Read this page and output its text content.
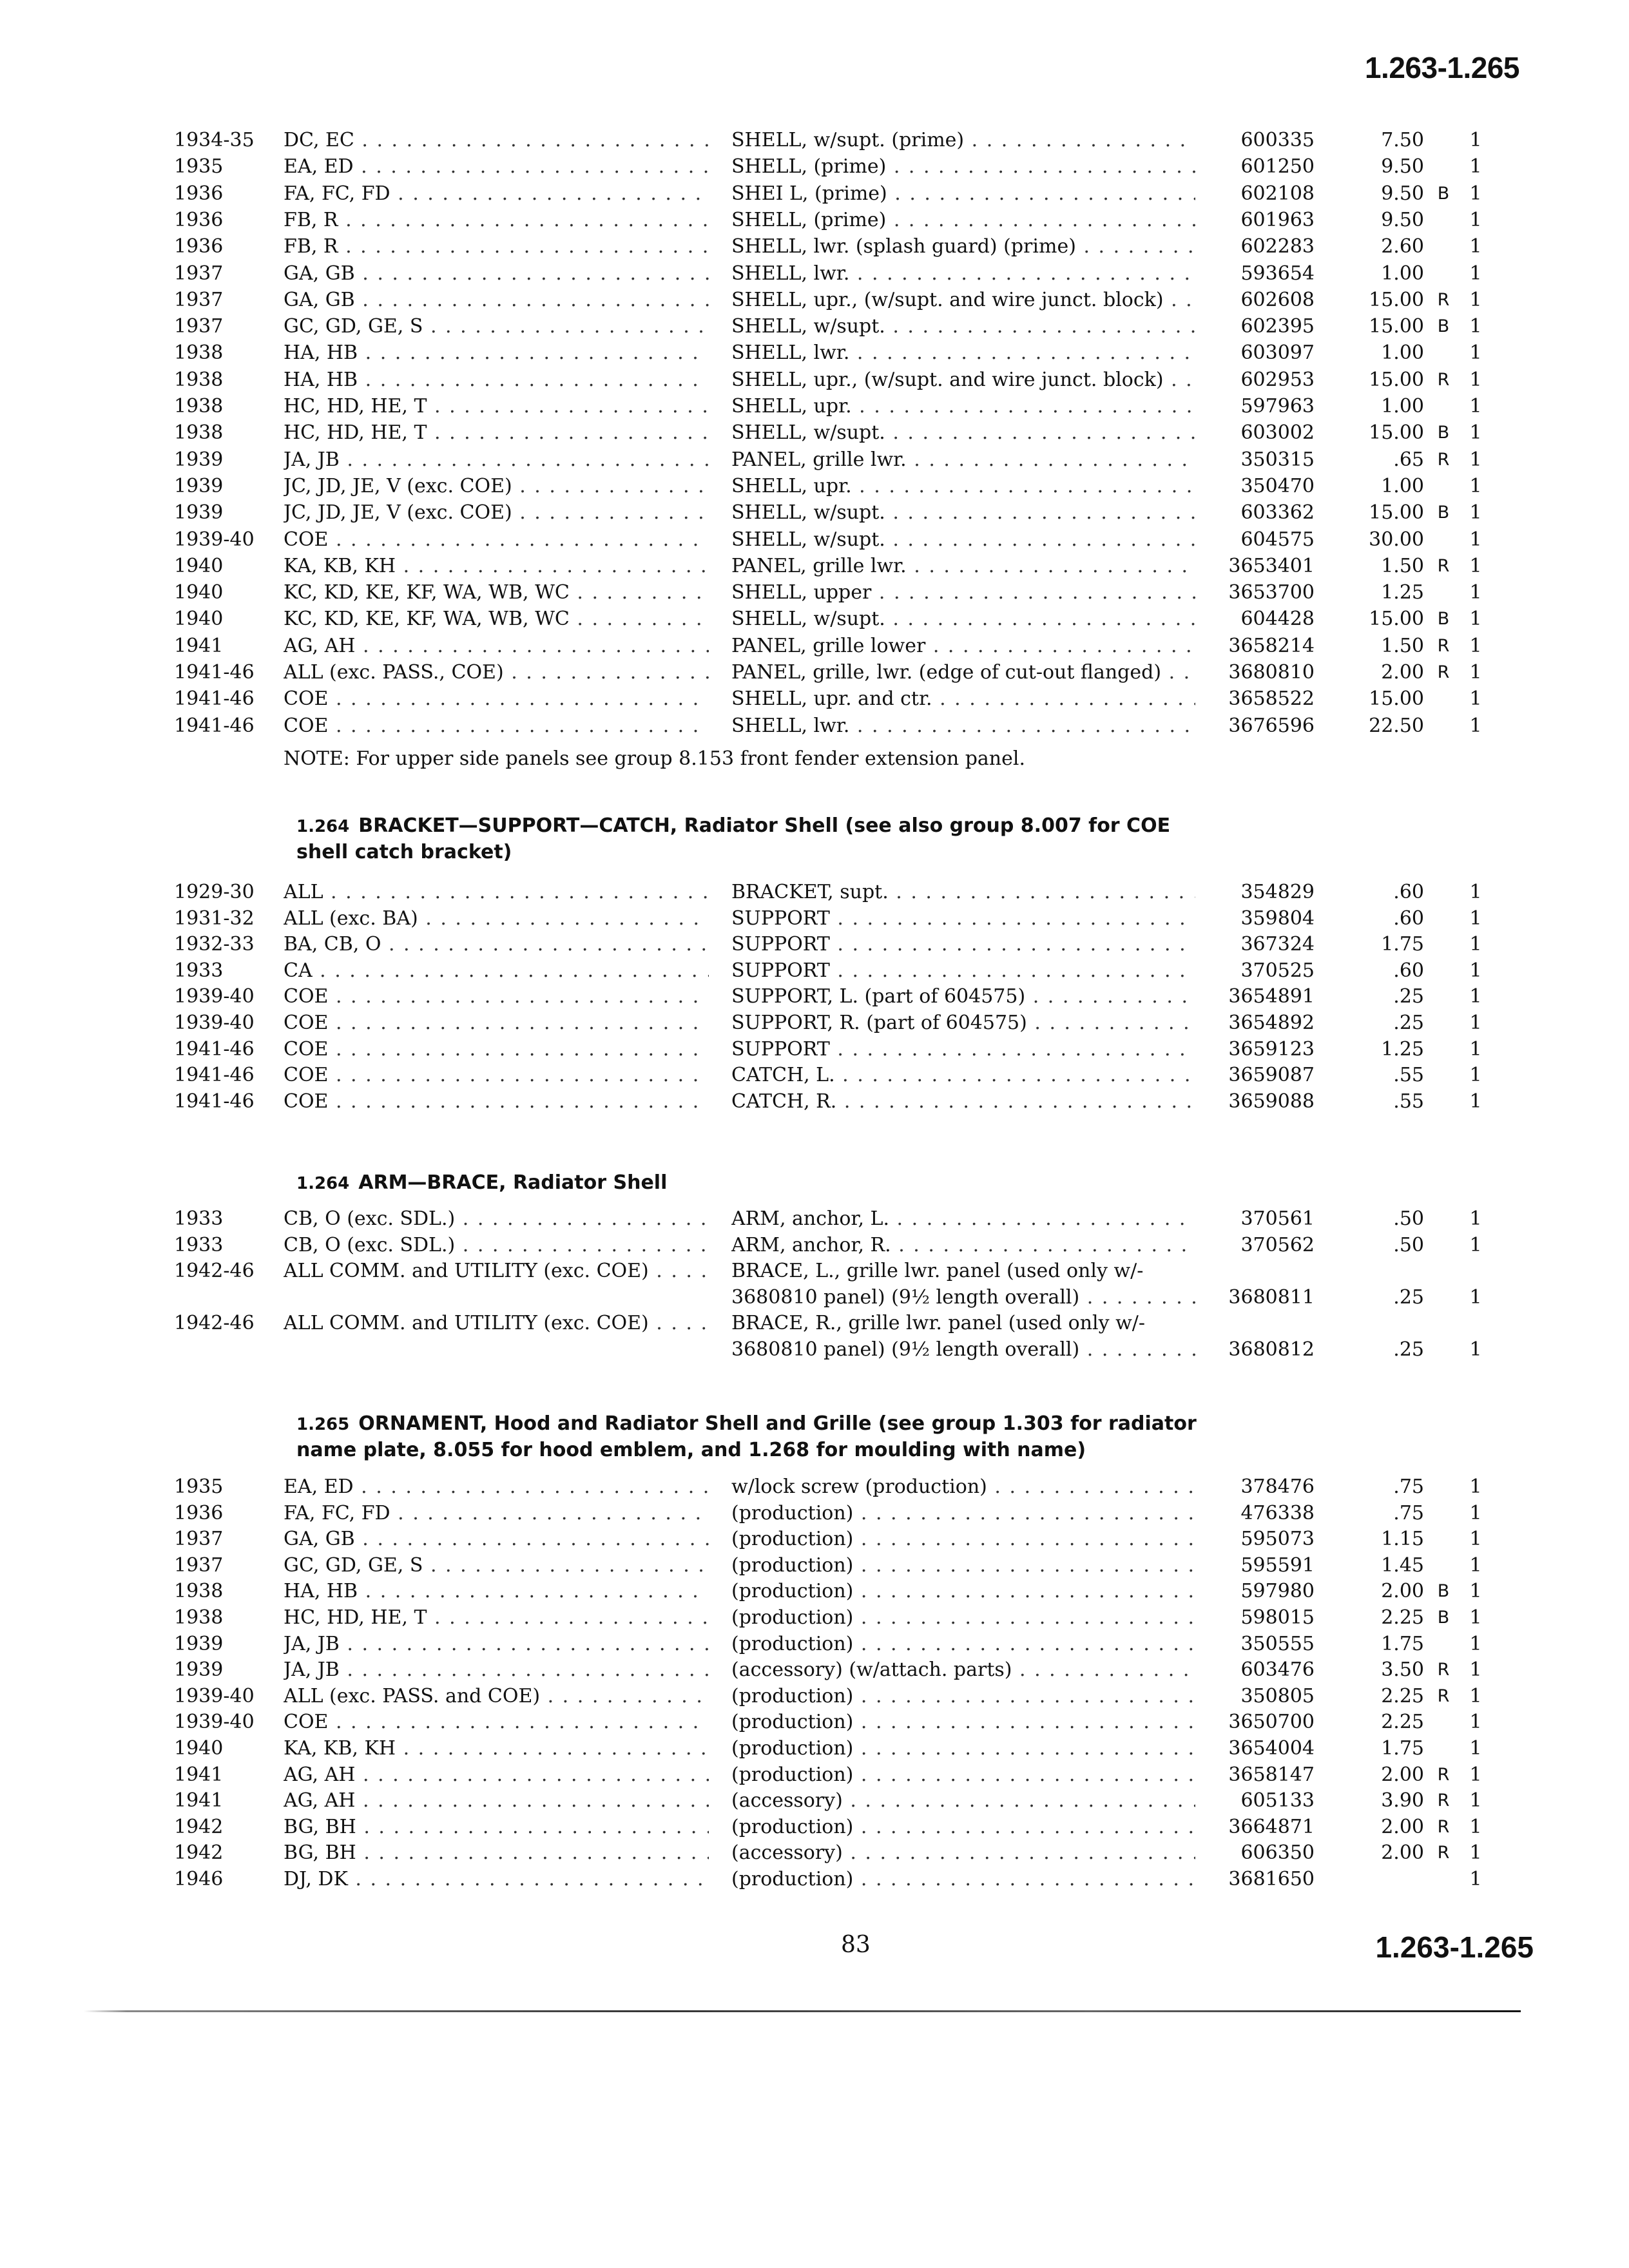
1.263-1.265
1934-35	DC, EC . . .	SHELL, w/supt. (prime) . . .	600335	7.50	1
1935	EA, ED . . .	SHELL, (prime) . . .	601250	9.50	1
1936	FA, FC, FD . . .	SHEI L, (prime) . . .	602108	9.50 B	1
1936	FB, R . . .	SHELL, (prime) . . .	601963	9.50	1
1936	FB, R . . .	SHELL, lwr. (splash guard) (prime) . . .	602283	2.60	1
1937	GA, GB . . .	SHELL, lwr. . . .	593654	1.00	1
1937	GA, GB . . .	SHELL, upr., (w/supt. and wire junct. block) . . .	602608	15.00 R	1
1937	GC, GD, GE, S . . .	SHELL, w/supt. . . .	602395	15.00 B	1
1938	HA, HB . . .	SHELL, lwr. . . .	603097	1.00	1
1938	HA, HB . . .	SHELL, upr., (w/supt. and wire junct. block) . . .	602953	15.00 R	1
1938	HC, HD, HE, T . . .	SHELL, upr. . . .	597963	1.00	1
1938	HC, HD, HE, T . . .	SHELL, w/supt. . . .	603002	15.00 B	1
1939	JA, JB . . .	PANEL, grille lwr. . . .	350315	.65 R	1
1939	JC, JD, JE, V (exc. COE) . . .	SHELL, upr. . . .	350470	1.00	1
1939	JC, JD, JE, V (exc. COE) . . .	SHELL, w/supt. . . .	603362	15.00 B	1
1939-40	COE . . .	SHELL, w/supt. . . .	604575	30.00	1
1940	KA, KB, KH . . .	PANEL, grille lwr. . . .	3653401	1.50 R	1
1940	KC, KD, KE, KF, WA, WB, WC . . .	SHELL, upper . . .	3653700	1.25	1
1940	KC, KD, KE, KF, WA, WB, WC . . .	SHELL, w/supt. . . .	604428	15.00 B	1
1941	AG, AH . . .	PANEL, grille lower . . .	3658214	1.50 R	1
1941-46	ALL (exc. PASS., COE) . . .	PANEL, grille, lwr. (edge of cut-out flanged) . . .	3680810	2.00 R	1
1941-46	COE . . .	SHELL, upr. and ctr. . . .	3658522	15.00	1
1941-46	COE . . .	SHELL, lwr. . . .	3676596	22.50	1
NOTE: For upper side panels see group 8.153 front fender extension panel.
1.264 BRACKET—SUPPORT—CATCH, Radiator Shell (see also group 8.007 for COE shell catch bracket)
1929-30	ALL . . .	BRACKET, supt. . . .	354829	.60	1
1931-32	ALL (exc. BA) . . .	SUPPORT . . .	359804	.60	1
1932-33	BA, CB, O . . .	SUPPORT . . .	367324	1.75	1
1933	CA . . .	SUPPORT . . .	370525	.60	1
1939-40	COE . . .	SUPPORT, L. (part of 604575) . . .	3654891	.25	1
1939-40	COE . . .	SUPPORT, R. (part of 604575) . . .	3654892	.25	1
1941-46	COE . . .	SUPPORT . . .	3659123	1.25	1
1941-46	COE . . .	CATCH, L. . . .	3659087	.55	1
1941-46	COE . . .	CATCH, R. . . .	3659088	.55	1
1.264 ARM—BRACE, Radiator Shell
1933	CB, O (exc. SDL.) . . .	ARM, anchor, L. . . .	370561	.50	1
1933	CB, O (exc. SDL.) . . .	ARM, anchor, R. . . .	370562	.50	1
1942-46	ALL COMM. and UTILITY (exc. COE) . . .	BRACE, L., grille lwr. panel (used only w/-
3680810 panel) (9½ length overall) . . .	3680811	.25	1
1942-46	ALL COMM. and UTILITY (exc. COE) . . .	BRACE, R., grille lwr. panel (used only w/-
3680810 panel) (9½ length overall) . . .	3680812	.25	1
1.265 ORNAMENT, Hood and Radiator Shell and Grille (see group 1.303 for radiator name plate, 8.055 for hood emblem, and 1.268 for moulding with name)
1935	EA, ED . . .	w/lock screw (production) . . .	378476	.75	1
1936	FA, FC, FD . . .	(production) . . .	476338	.75	1
1937	GA, GB . . .	(production) . . .	595073	1.15	1
1937	GC, GD, GE, S . . .	(production) . . .	595591	1.45	1
1938	HA, HB . . .	(production) . . .	597980	2.00 B	1
1938	HC, HD, HE, T . . .	(production) . . .	598015	2.25 B	1
1939	JA, JB . . .	(production) . . .	350555	1.75	1
1939	JA, JB . . .	(accessory) (w/attach. parts) . . .	603476	3.50 R	1
1939-40	ALL (exc. PASS. and COE) . . .	(production) . . .	350805	2.25 R	1
1939-40	COE . . .	(production) . . .	3650700	2.25	1
1940	KA, KB, KH . . .	(production) . . .	3654004	1.75	1
1941	AG, AH . . .	(production) . . .	3658147	2.00 R	1
1941	AG, AH . . .	(accessory) . . .	605133	3.90 R	1
1942	BG, BH . . .	(production) . . .	3664871	2.00 R	1
1942	BG, BH . . .	(accessory) . . .	606350	2.00 R	1
1946	DJ, DK . . .	(production) . . .	3681650	1
83	1.263-1.265
